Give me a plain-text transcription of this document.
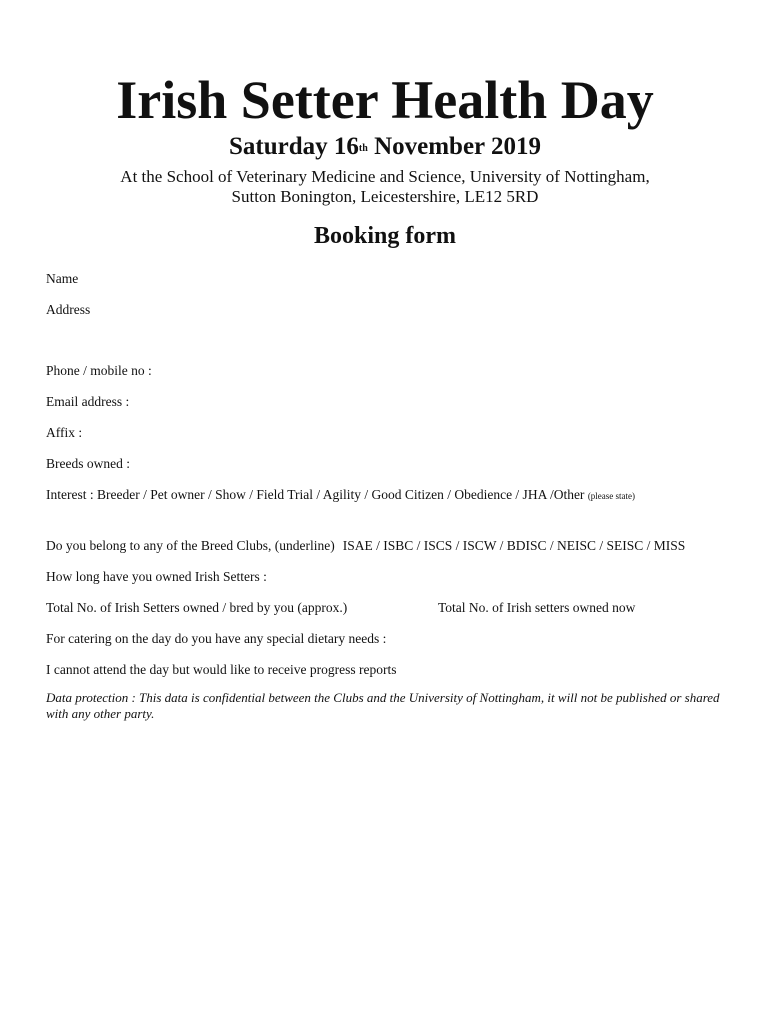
Irish Setter Health Day
Saturday 16th November 2019
At the School of Veterinary Medicine and Science, University of Nottingham,
Sutton Bonington, Leicestershire, LE12 5RD
Booking form
Name
Address
Phone / mobile no :
Email address :
Affix :
Breeds owned :
Interest : Breeder / Pet owner / Show / Field Trial / Agility / Good Citizen / Obedience / JHA /Other (please state)
Do you belong to any of the Breed Clubs, (underline) ISAE / ISBC / ISCS / ISCW / BDISC / NEISC / SEISC / MISS
How long have you owned Irish Setters :
Total No. of Irish Setters owned / bred by you (approx.)	Total No. of Irish setters owned now
For catering on the day do you have any special dietary needs :
I cannot attend the day but would like to receive progress reports
Data protection : This data is confidential between the Clubs and the University of Nottingham, it will not be published or shared with any other party.
